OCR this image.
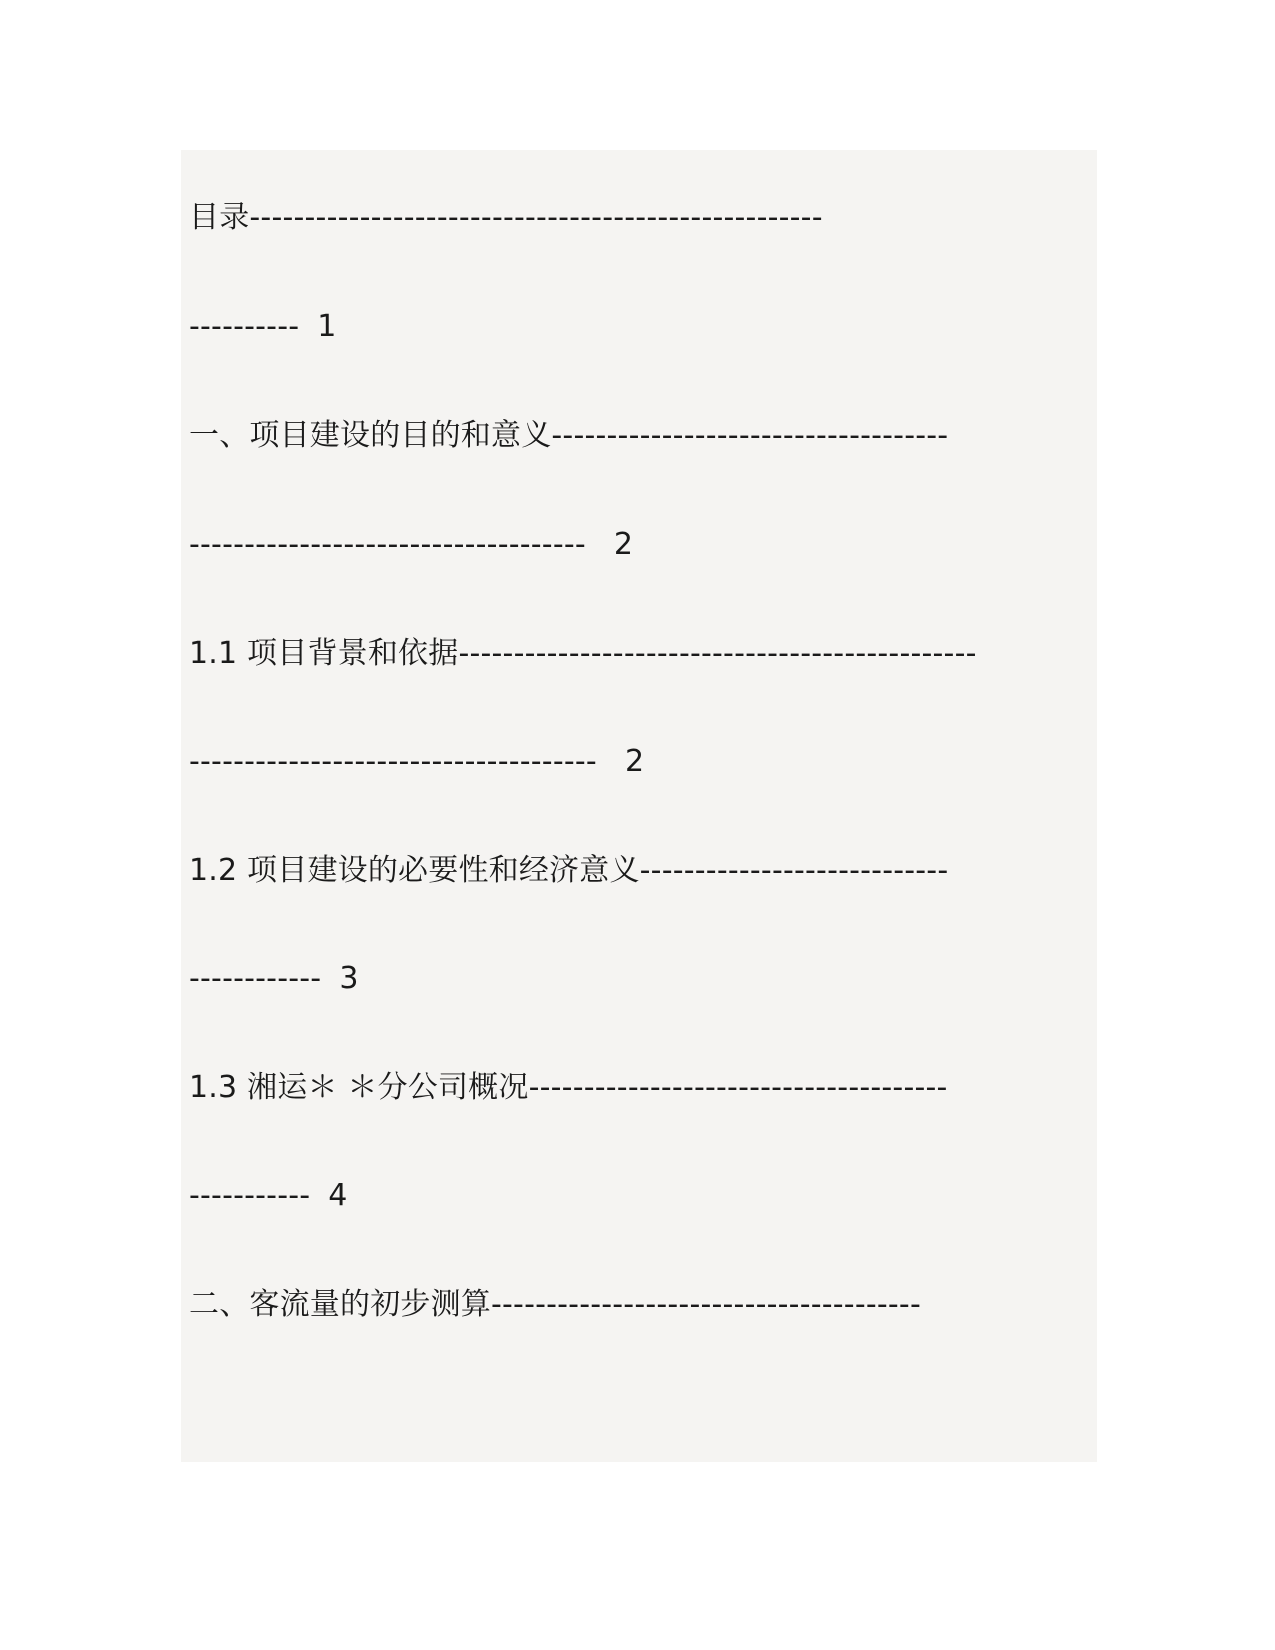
目录----------------------------------------------------
---------- 1
一、项目建设的目的和意义------------------------------------
------------------------------------ 2
1.1 项目背景和依据-----------------------------------------------
------------------------------------- 2
1.2 项目建设的必要性和经济意义----------------------------
------------ 3
1.3 湘运＊ ＊分公司概况--------------------------------------
----------- 4
二、客流量的初步测算---------------------------------------
